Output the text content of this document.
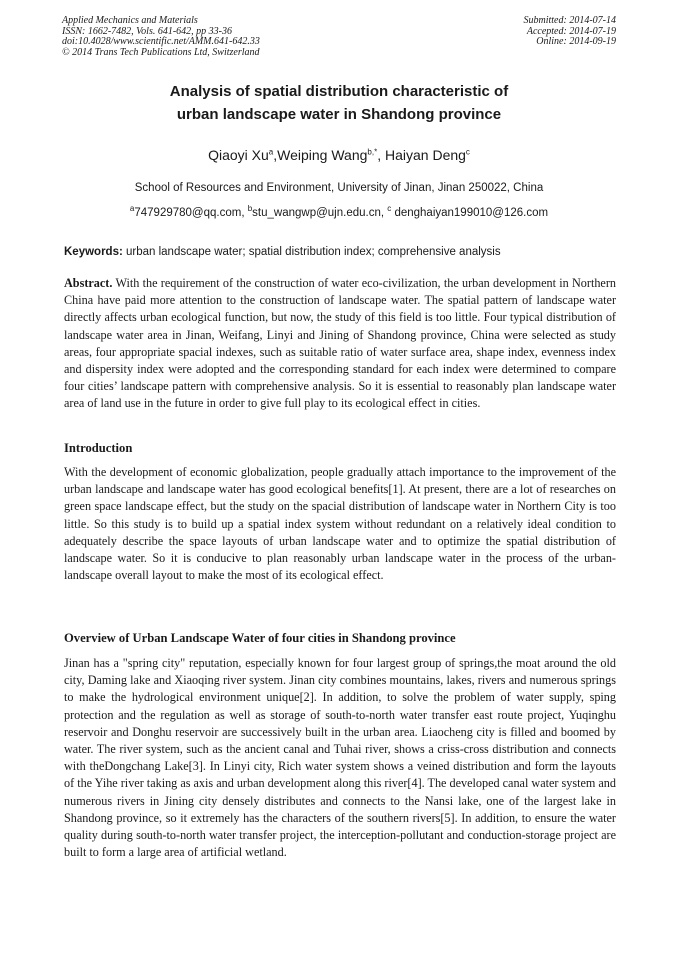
Applied Mechanics and Materials
ISSN: 1662-7482, Vols. 641-642, pp 33-36
doi:10.4028/www.scientific.net/AMM.641-642.33
© 2014 Trans Tech Publications Ltd, Switzerland
Submitted: 2014-07-14
Accepted: 2014-07-19
Online: 2014-09-19
Analysis of spatial distribution characteristic of
urban landscape water in Shandong province
Qiaoyi Xu$^a$,Weiping Wang$^{b,*}$, Haiyan Deng$^c$
School of Resources and Environment, University of Jinan, Jinan 250022, China
$^a$747929780@qq.com, $^b$stu_wangwp@ujn.edu.cn, $^c$ denghaiyan199010@126.com
Keywords: urban landscape water; spatial distribution index; comprehensive analysis
Abstract. With the requirement of the construction of water eco-civilization, the urban development in Northern China have paid more attention to the construction of landscape water. The spatial pattern of landscape water directly affects urban ecological function, but now, the study of this field is too little. Four typical distribution of landscape water area in Jinan, Weifang, Linyi and Jining of Shandong province, China were selected as study areas, four appropriate spacial indexes, such as suitable ratio of water surface area, shape index, evenness index and dispersity index were adopted and the corresponding standard for each index were determined to compare four cities’ landscape pattern with comprehensive analysis. So it is essential to reasonably plan landscape water area of land use in the future in order to give full play to its ecological effect in cities.
Introduction
With the development of economic globalization, people gradually attach importance to the improvement of the urban landscape and landscape water has good ecological benefits[1]. At present, there are a lot of researches on green space landscape effect, but the study on the spacial distribution of landscape water in Northern City is too little. So this study is to build up a spatial index system without redundant on a relatively ideal condition to adequately describe the space layouts of urban landscape water and to optimize the spatial distribution of landscape water. So it is conducive to plan reasonably urban landscape water in the process of the urban-landscape overall layout to make the most of its ecological effect.
Overview of Urban Landscape Water of four cities in Shandong province
Jinan has a "spring city" reputation, especially known for four largest group of springs,the moat around the old city, Daming lake and Xiaoqing river system. Jinan city combines mountains, lakes, rivers and numerous springs to make the hydrological environment unique[2]. In addition, to solve the problem of water supply, sping protection and the regulation as well as storage of south-to-north water transfer east route project, Yuqinghu reservoir and Donghu reservoir are successively built in the urban area. Liaocheng city is filled and boomed by water. The river system, such as the ancient canal and Tuhai river, shows a criss-cross distribution and connects with theDongchang Lake[3]. In Linyi city, Rich water system shows a veined distribution and form the layouts of the Yihe river taking as axis and urban development along this river[4]. The developed canal water system and numerous rivers in Jining city densely distributes and connects to the Nansi lake, one of the largest lake in Shandong province, so it extremely has the characters of the southern rivers[5]. In addition, to ensure the water quality during south-to-north water transfer project, the interception-pollutant and conduction-storage project are built to form a large area of artificial wetland.
